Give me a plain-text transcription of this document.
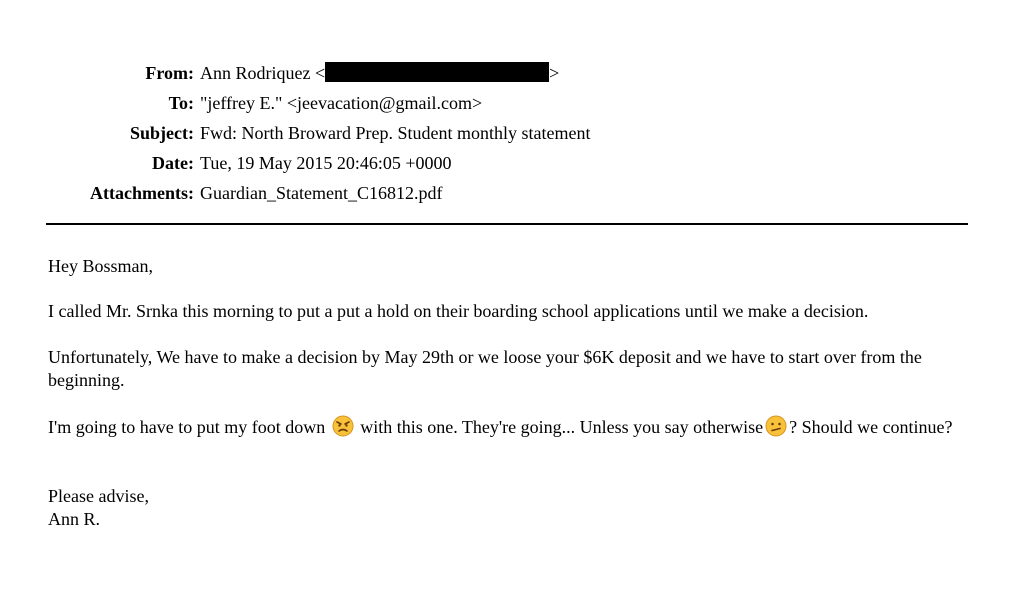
From: Ann Rodriquez <	>
To: "jeffrey E." <jeevacation@gmail.com>
Subject: Fwd: North Broward Prep. Student monthly statement
Date: Tue, 19 May 2015 20:46:05 +0000
Attachments: Guardian_Statement_C16812.pdf

Hey Bossman,

I called Mr. Srnka this morning to put a put a hold on their boarding school applications until we make a decision.

Unfortunately, We have to make a decision by May 29th or we loose your $6K deposit and we have to start over from the beginning.

I'm going to have to put my foot down with this one. They're going... Unless you say otherwise ? Should we continue?

Please advise,

Ann R.
